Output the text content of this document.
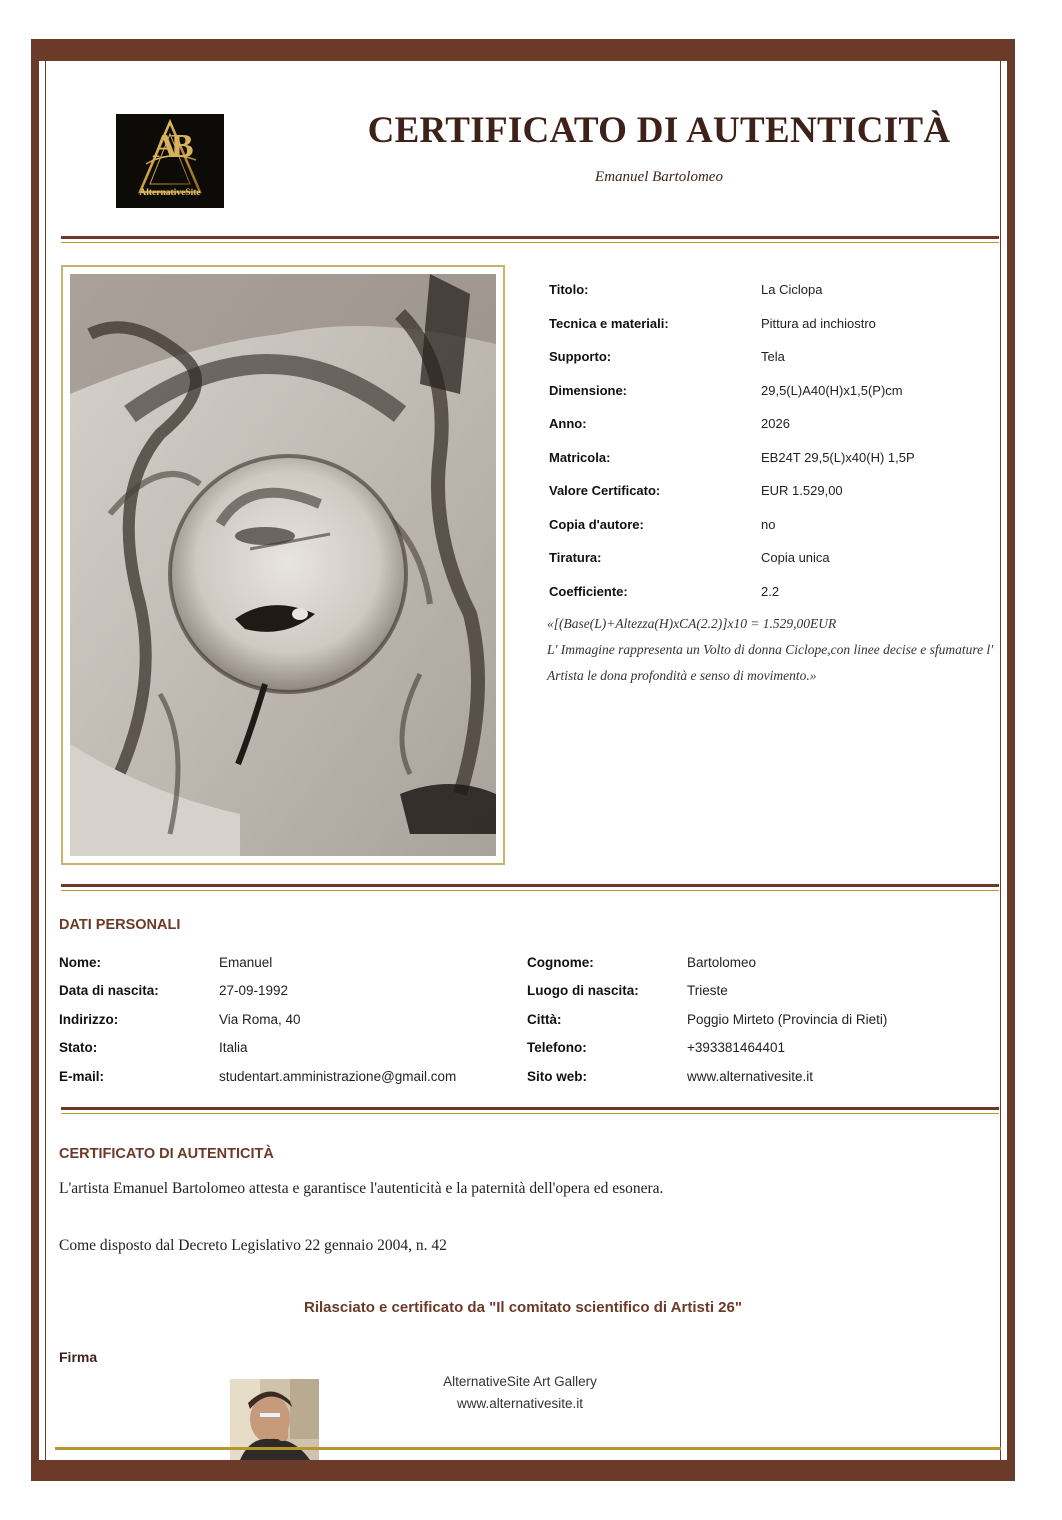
AB
AlternativeSite
CERTIFICATO DI AUTENTICITÀ
Emanuel Bartolomeo
Titolo:	La Ciclopa
Tecnica e materiali:	Pittura ad inchiostro
Supporto:	Tela
Dimensione:	29,5(L)A40(H)x1,5(P)cm
Anno:	2026
Matricola:	EB24T 29,5(L)x40(H) 1,5P
Valore Certificato:	EUR 1.529,00
Copia d'autore:	no
Tiratura:	Copia unica
Coefficiente:	2.2
«[(Base(L)+Altezza(H)xCA(2.2)]x10 = 1.529,00EUR
L' Immagine rappresenta un Volto di donna Ciclope,con linee decise e sfumature l' Artista le dona profondità e senso di movimento.»
DATI PERSONALI
Nome:	Emanuel	Cognome:	Bartolomeo
Data di nascita:	27-09-1992	Luogo di nascita:	Trieste
Indirizzo:	Via Roma, 40	Città:	Poggio Mirteto (Provincia di Rieti)
Stato:	Italia	Telefono:	+393381464401
E-mail:	studentart.amministrazione@gmail.com	Sito web:	www.alternativesite.it
CERTIFICATO DI AUTENTICITÀ
L'artista Emanuel Bartolomeo attesta e garantisce l'autenticità e la paternità dell'opera ed esonera.
Come disposto dal Decreto Legislativo 22 gennaio 2004, n. 42
Rilasciato e certificato da "Il comitato scientifico di Artisti 26"
Firma
AlternativeSite Art Gallery
www.alternativesite.it
